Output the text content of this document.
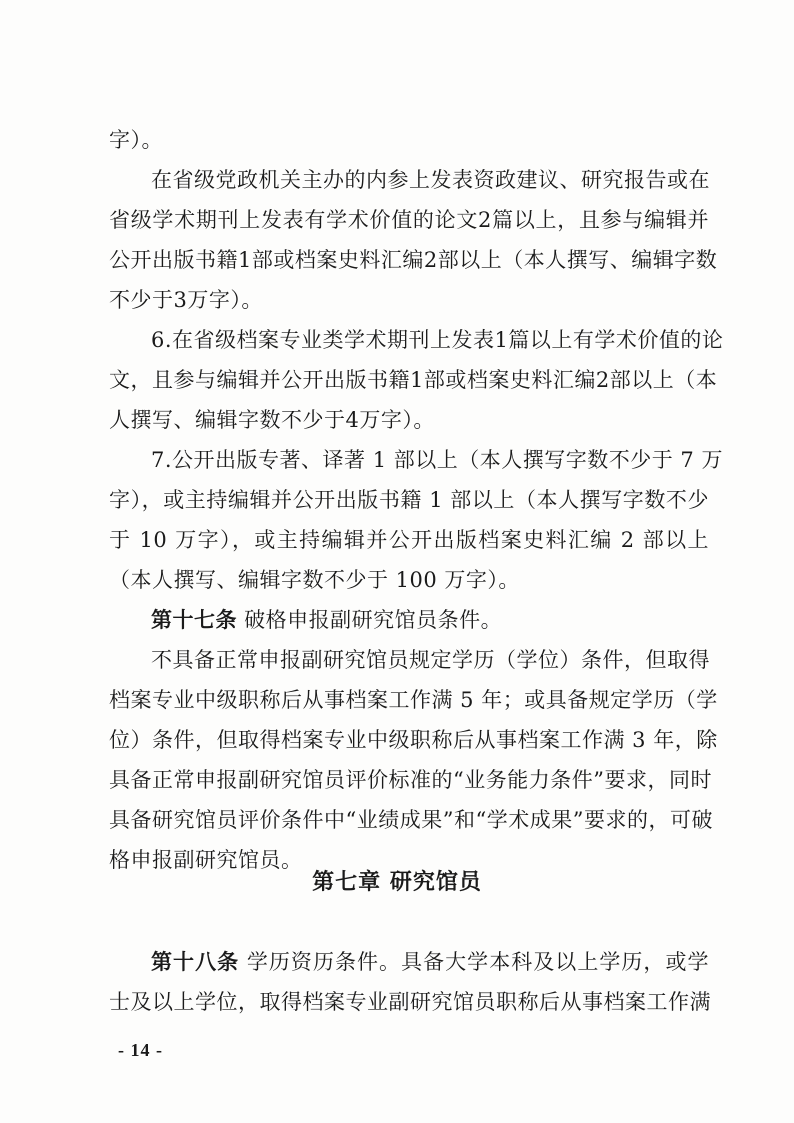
字）。
在省级党政机关主办的内参上发表资政建议、研究报告或在
省级学术期刊上发表有学术价值的论文2篇以上，且参与编辑并
公开出版书籍1部或档案史料汇编2部以上（本人撰写、编辑字数
不少于3万字）。
6.在省级档案专业类学术期刊上发表1篇以上有学术价值的论
文，且参与编辑并公开出版书籍1部或档案史料汇编2部以上（本
人撰写、编辑字数不少于4万字）。
7.公开出版专著、译著 1 部以上（本人撰写字数不少于 7 万
字），或主持编辑并公开出版书籍 1 部以上（本人撰写字数不少
于 10 万字），或主持编辑并公开出版档案史料汇编 2 部以上
（本人撰写、编辑字数不少于 100 万字）。
第十七条 破格申报副研究馆员条件。
不具备正常申报副研究馆员规定学历（学位）条件，但取得
档案专业中级职称后从事档案工作满 5 年；或具备规定学历（学
位）条件，但取得档案专业中级职称后从事档案工作满 3 年，除
具备正常申报副研究馆员评价标准的“业务能力条件”要求，同时
具备研究馆员评价条件中“业绩成果”和“学术成果”要求的，可破
格申报副研究馆员。
第七章 研究馆员
第十八条 学历资历条件。具备大学本科及以上学历，或学
士及以上学位，取得档案专业副研究馆员职称后从事档案工作满
- 14 -
